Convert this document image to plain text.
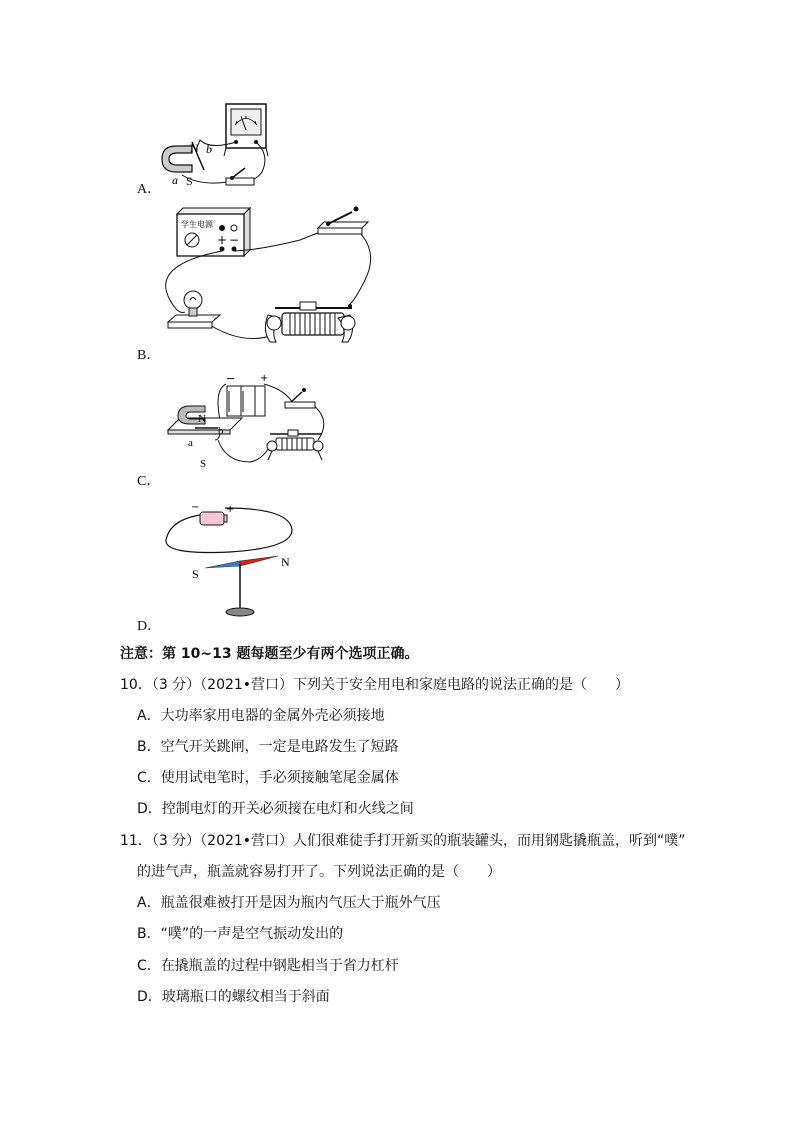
A．
N b
a S
B．
学生电源
+ −
C．
− +
N
b
a
S
D．
−	+
S
N
注意：第 10~13 题每题至少有两个选项正确。
10．（3 分）（2021•营口）下列关于安全用电和家庭电路的说法正确的是（　　）
A．大功率家用电器的金属外壳必须接地
B．空气开关跳闸，一定是电路发生了短路
C．使用试电笔时，手必须接触笔尾金属体
D．控制电灯的开关必须接在电灯和火线之间
11．（3 分）（2021•营口）人们很难徒手打开新买的瓶装罐头，而用钢匙撬瓶盖，听到“噗”
的进气声，瓶盖就容易打开了。下列说法正确的是（　　）
A．瓶盖很难被打开是因为瓶内气压大于瓶外气压
B．“噗”的一声是空气振动发出的
C．在撬瓶盖的过程中钢匙相当于省力杠杆
D．玻璃瓶口的螺纹相当于斜面
